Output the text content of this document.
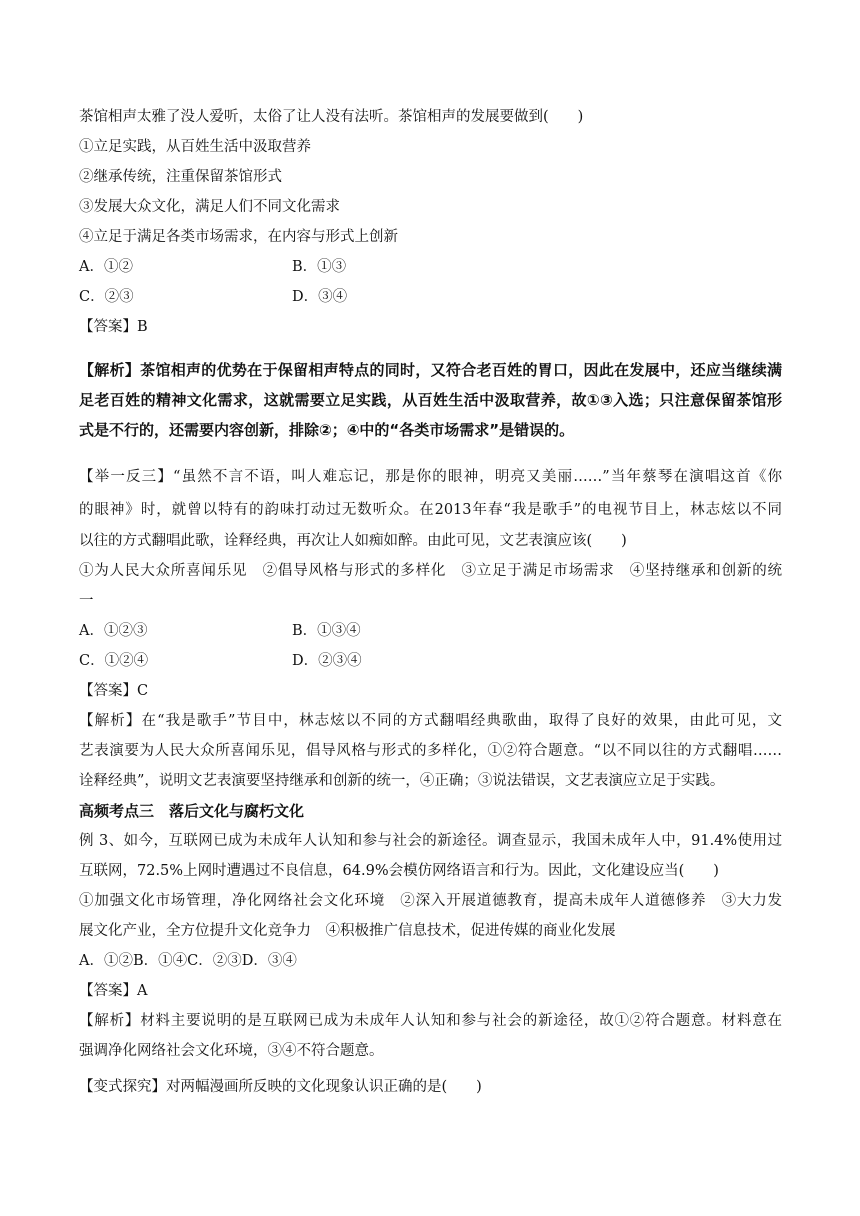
茶馆相声太雅了没人爱听，太俗了让人没有法听。茶馆相声的发展要做到(　　)
①立足实践，从百姓生活中汲取营养
②继承传统，注重保留茶馆形式
③发展大众文化，满足人们不同文化需求
④立足于满足各类市场需求，在内容与形式上创新
A．①②	B．①③
C．②③	D．③④
【答案】B
【解析】茶馆相声的优势在于保留相声特点的同时，又符合老百姓的胃口，因此在发展中，还应当继续满
足老百姓的精神文化需求，这就需要立足实践，从百姓生活中汲取营养，故①③入选；只注意保留茶馆形
式是不行的，还需要内容创新，排除②；④中的“各类市场需求”是错误的。
【举一反三】“虽然不言不语，叫人难忘记，那是你的眼神，明亮又美丽……”当年蔡琴在演唱这首《你
的眼神》时，就曾以特有的韵味打动过无数听众。在2013年春“我是歌手”的电视节目上，林志炫以不同
以往的方式翻唱此歌，诠释经典，再次让人如痴如醉。由此可见，文艺表演应该(　　)
①为人民大众所喜闻乐见　②倡导风格与形式的多样化　③立足于满足市场需求　④坚持继承和创新的统
一
A．①②③	B．①③④
C．①②④	D．②③④
【答案】C
【解析】在“我是歌手”节目中，林志炫以不同的方式翻唱经典歌曲，取得了良好的效果，由此可见，文
艺表演要为人民大众所喜闻乐见，倡导风格与形式的多样化，①②符合题意。“以不同以往的方式翻唱……
诠释经典”，说明文艺表演要坚持继承和创新的统一，④正确；③说法错误，文艺表演应立足于实践。
高频考点三　落后文化与腐朽文化
例 3、如今，互联网已成为未成年人认知和参与社会的新途径。调查显示，我国未成年人中，91.4%使用过
互联网，72.5%上网时遭遇过不良信息，64.9%会模仿网络语言和行为。因此，文化建设应当(　　)
①加强文化市场管理，净化网络社会文化环境　②深入开展道德教育，提高未成年人道德修养　③大力发
展文化产业，全方位提升文化竞争力　④积极推广信息技术，促进传媒的商业化发展
A．①②B．①④C．②③D．③④
【答案】A
【解析】材料主要说明的是互联网已成为未成年人认知和参与社会的新途径，故①②符合题意。材料意在
强调净化网络社会文化环境，③④不符合题意。
【变式探究】对两幅漫画所反映的文化现象认识正确的是(　　)
